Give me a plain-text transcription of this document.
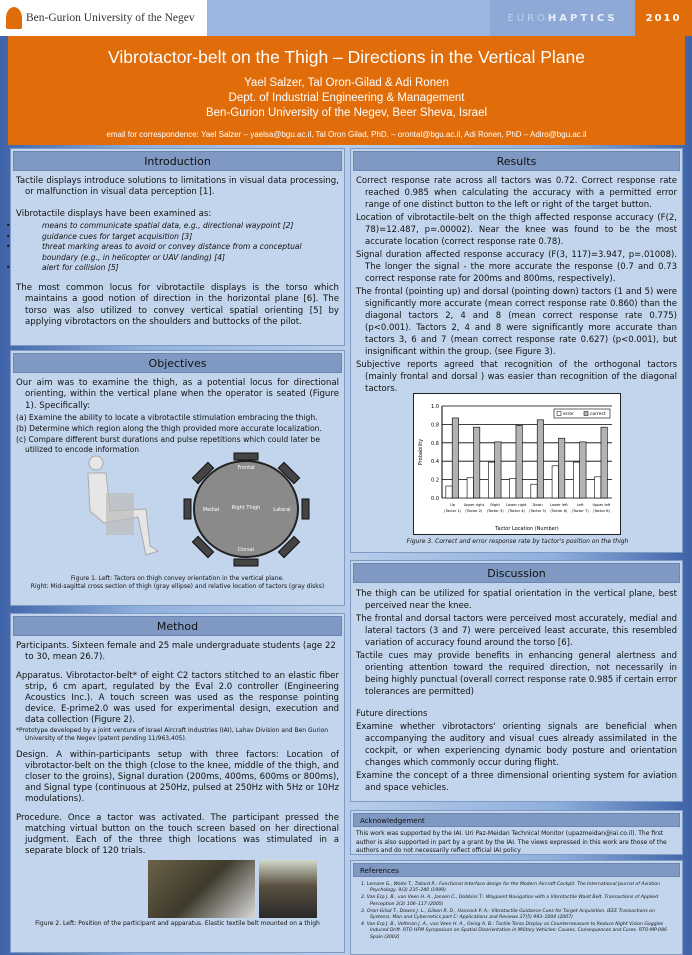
Ben-Gurion University of the Negev	EURO HAPTICS	2010
Vibrotactor-belt on the Thigh – Directions in the Vertical Plane
Yael Salzer, Tal Oron-Gilad & Adi Ronen
Dept. of Industrial Engineering & Management
Ben-Gurion University of the Negev, Beer Sheva, Israel
email for correspondence: Yael Salzer – yaelsa@bgu.ac.il, Tal Oron Gilad, PhD. – orontal@bgu.ac.il, Adi Ronen, PhD – Adiro@bgu.ac.il
Introduction

Tactile displays introduce solutions to limitations in visual data processing, or malfunction in visual data perception [1].

Vibrotactile displays have been examined as:

• means to communicate spatial data, e.g., directional waypoint [2]
• guidance cues for target acquisition [3]
• threat marking areas to avoid or convey distance from a conceptual boundary (e.g., in helicopter or UAV landing) [4]
• alert for collision [5]

The most common locus for vibrotactile displays is the torso which maintains a good notion of direction in the horizontal plane [6]. The torso was also utilized to convey vertical spatial orienting [5] by applying vibrotactors on the shoulders and buttocks of the pilot.

Objectives

Our aim was to examine the thigh, as a potential locus for directional orienting, within the vertical plane when the operator is seated (Figure 1). Specifically:

(a) Examine the ability to locate a vibrotactile stimulation embracing the thigh.

(b) Determine which region along the thigh provided more accurate localization.

(c) Compare different burst durations and pulse repetitions which could later be utilized to encode information

Frontal
Right Thigh
Dorsal
Medial	Lateral
Figure 1. Left: Tactors on thigh convey orientation in the vertical plane.
Right: Mid-sagittal cross section of thigh (gray ellipse) and relative location of tactors (gray disks)
Method

Participants. Sixteen female and 25 male undergraduate students (age 22 to 30, mean 26.7).

Apparatus. Vibrotactor-belt* of eight C2 tactors stitched to an elastic fiber strip, 6 cm apart, regulated by the Eval 2.0 controller (Engineering Acoustics Inc.). A touch screen was used as the response pointing device. E-prime2.0 was used for experimental design, execution and data collection (Figure 2).

*Prototype developed by a joint venture of Israel Aircraft Industries (IAI), Lahav Division and Ben Gurion University of the Negev (patent pending 11/963,405).

Design. A within-participants setup with three factors: Location of vibrotactor-belt on the thigh (close to the knee, middle of the thigh, and closer to the groins), Signal duration (200ms, 400ms, 600ms or 800ms), and Signal type (continuous at 250Hz, pulsed at 250Hz with 5Hz or 10Hz modulations).

Procedure. Once a tactor was activated. The participant pressed the matching virtual button on the touch screen based on her directional judgment. Each of the three thigh locations was stimulated in a separate block of 120 trials.

Figure 2. Left: Position of the participant and apparatus. Elastic textile belt mounted on a thigh
Results

Correct response rate across all tactors was 0.72. Correct response rate reached 0.985 when calculating the accuracy with a permitted error range of one distinct button to the left or right of the target button.

Location of vibrotactile-belt on the thigh affected response accuracy (F(2, 78)=12.487, p=.00002). Near the knee was found to be the most accurate location (correct response rate 0.78).

Signal duration affected response accuracy (F(3, 117)=3.947, p=.01008). The longer the signal - the more accurate the response (0.7 and 0.73 correct response rate for 200ms and 800ms, respectively).

The frontal (pointing up) and dorsal (pointing down) tactors (1 and 5) were significantly more accurate (mean correct response rate 0.860) than the diagonal tactors 2, 4 and 8 (mean correct response rate 0.775) (p<0.001). Tactors 2, 4 and 8 were significantly more accurate than tactors 3, 6 and 7 (mean correct response rate 0.627) (p<0.001), but insignificant within the group. (see Figure 3).

Subjective reports agreed that recognition of the orthogonal tactors (mainly frontal and dorsal ) was easier than recognition of the diagonal tactors.

0.0
0.2
0.4
0.6
0.8
1.0
Probability
Up
(Tactor 1)
Upper right
(Tactor 2)
Right
(Tactor 3)
Lower right
(Tactor 4)
Down
(Tactor 5)
Lower left
(Tactor 6)
Left
(Tactor 7)
Upper left
(Tactor 8)
Tactor Location (Number)
error	correct
Figure 3. Correct and error response rate by tactor's position on the thigh
Discussion

The thigh can be utilized for spatial orientation in the vertical plane, best perceived near the knee.

The frontal and dorsal tactors were perceived most accurately, medial and lateral tactors (3 and 7) were perceived least accurate, this resembled variation of accuracy found around the torso [6].

Tactile cues may provide benefits in enhancing general alertness and orienting attention toward the required direction, not necessarily in being highly punctual (overall correct response rate 0.985 if certain error tolerances are permitted)

Future directions

Examine whether vibrotactors' orienting signals are beneficial when accompanying the auditory and visual cues already assimilated in the cockpit, or when experiencing dynamic body posture and orientation changes which commonly occur during flight.

Examine the concept of a three dimensional orienting system for aviation and space vehicles.

Acknowledgement
This work was supported by the IAI. Uri Paz-Meidan Technical Monitor (upazmeidan@iai.co.il). The first author is also supported in part by a grant by the IAI. The views expressed in this work are those of the authors and do not necessarily reflect official IAI policy
References

1. Lemare G., Waite T., Tallard R.: Functional Interface design for the Modern Aircraft Cockpit. The International Journal of Aviation Psychology. 9(3) 235–240 (1999)

2. Van Erp J. B., van Veen H. A., Jansen C., Dobbins T.: Waypoint Navigation with a Vibrotactile Waist Belt. Transactions of Applied Perception 2(2) 106–117 (2005)

3. Oron-Gilad T., Downs J. L., Gilson R. D., Hancock P. A.: Vibrotactile Guidance Cues for Target Acquisition. IEEE Transactions on Systems, Man and Cybernetics part C: Applications and Reviews 37(5) 993–1004 (2007)

4. Van Erp J. B., Veltman J. A., van Veen H. A., Oving A. B.: Tactile Torso Display as Countermeasure to Reduce Night Vision Goggles Induced Drift. RTO HFM Symposium on Spatial Disorientation in Military Vehicles: Causes, Consequences and Cures. RTO-MP-086 Spain (2002)
